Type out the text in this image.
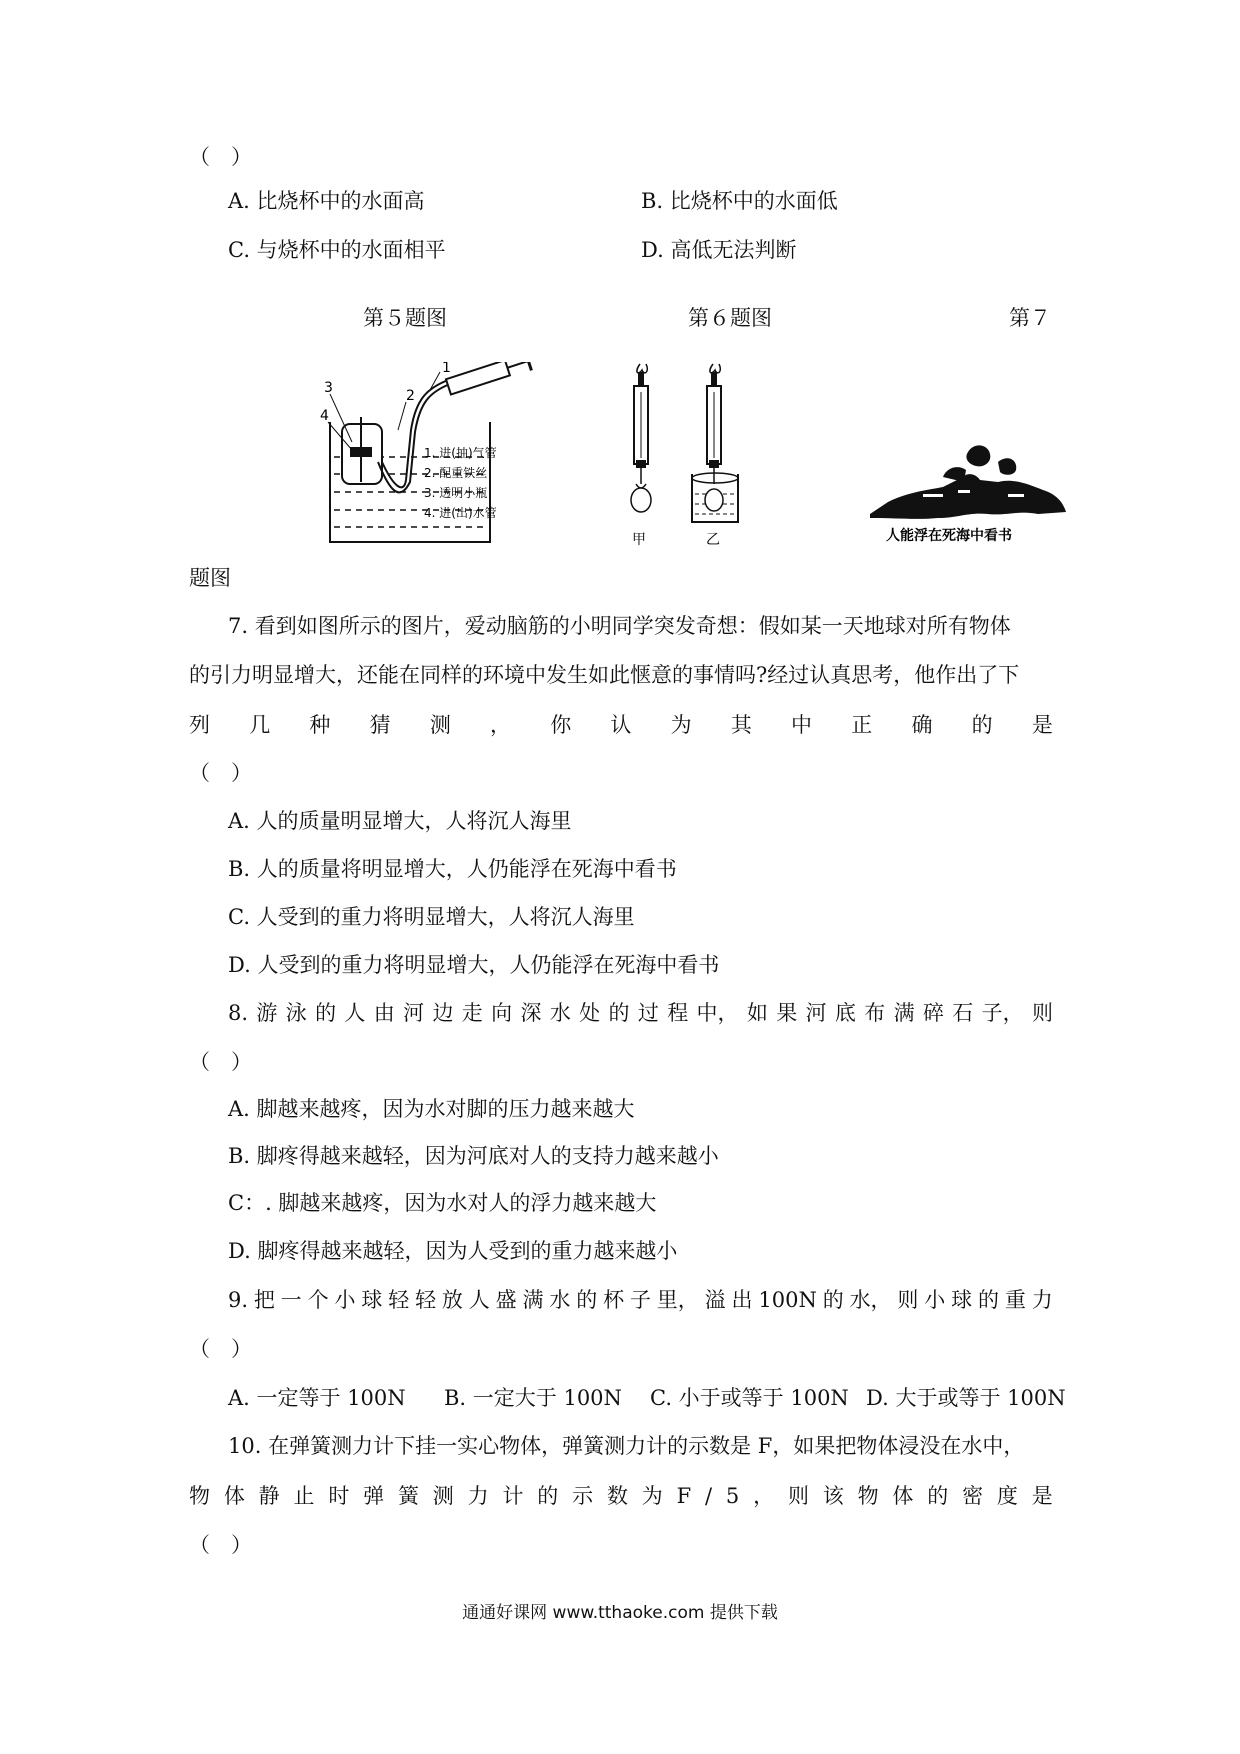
（　）
A. 比烧杯中的水面高	B. 比烧杯中的水面低
C. 与烧杯中的水面相平	D. 高低无法判断
第５题图	第６题图	第７
1
2
3
4
1. 进(抽)气管
2. 配重铁丝
3. 透明小瓶
4. 进(出)水管
甲	乙	人能浮在死海中看书
题图
7. 看到如图所示的图片，爱动脑筋的小明同学突发奇想：假如某一天地球对所有物体
的引力明显增大，还能在同样的环境中发生如此惬意的事情吗?经过认真思考，他作出了下
列 几 种 猜 测 ， 你 认 为 其 中 正 确 的 是
（　）
A. 人的质量明显增大，人将沉人海里
B. 人的质量将明显增大，人仍能浮在死海中看书
C. 人受到的重力将明显增大，人将沉人海里
D. 人受到的重力将明显增大，人仍能浮在死海中看书
8. 游 泳 的 人 由 河 边 走 向 深 水 处 的 过 程 中， 如 果 河 底 布 满 碎 石 子， 则
（　）
A. 脚越来越疼，因为水对脚的压力越来越大
B. 脚疼得越来越轻，因为河底对人的支持力越来越小
C：. 脚越来越疼，因为水对人的浮力越来越大
D. 脚疼得越来越轻，因为人受到的重力越来越小
9. 把 一 个 小 球 轻 轻 放 人 盛 满 水 的 杯 子 里， 溢 出 100N 的 水， 则 小 球 的 重 力
（　）
A. 一定等于 100N B. 一定大于 100N C. 小于或等于 100N D. 大于或等于 100N
10. 在弹簧测力计下挂一实心物体，弹簧测力计的示数是 F，如果把物体浸没在水中，
物 体 静 止 时 弹 簧 测 力 计 的 示 数 为 F / 5 ， 则 该 物 体 的 密 度 是
（　）
通通好课网 www.tthaoke.com 提供下载
